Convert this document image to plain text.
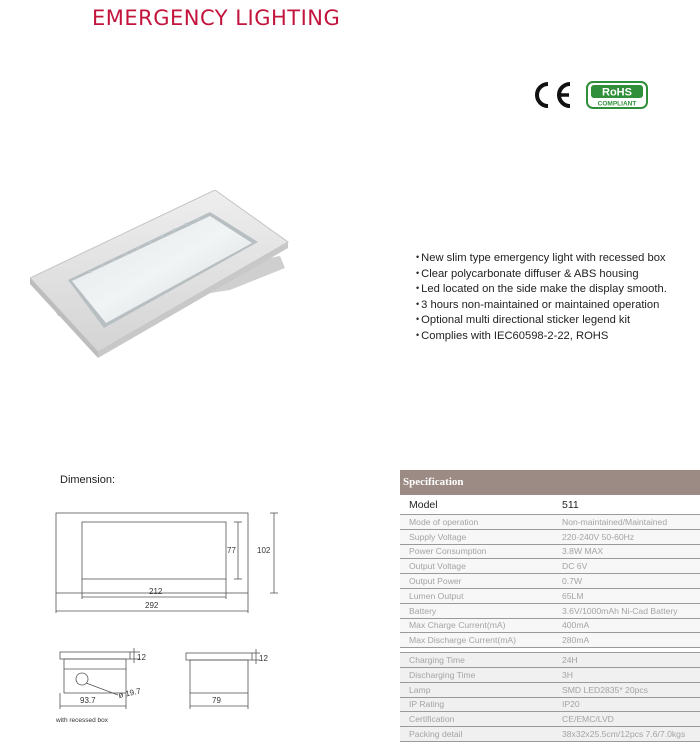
EMERGENCY LIGHTING
RoHS
COMPLIANT
• New slim type emergency light with recessed box
• Clear polycarbonate diffuser & ABS housing
• Led located on the side make the display smooth.
• 3 hours non-maintained or maintained operation
• Optional multi directional sticker legend kit
• Complies with IEC60598-2-22, ROHS
Dimension:
77	102
212
292
12
93.7
ø 19.7
12
79
with recessed box
Specification
Model	511
Mode of operation	Non-maintained/Maintained
Supply Voltage	220-240V 50-60Hz
Power Consumption	3.8W MAX
Output Voltage	DC 6V
Output Power	0.7W
Lumen Output	65LM
Battery	3.6V/1000mAh Ni-Cad Battery
Max Charge Current(mA)	400mA
Max Discharge Current(mA)	280mA

Charging Time	24H
Discharging Time	3H
Lamp	SMD LED2835* 20pcs
IP Rating	IP20
Certification	CE/EMC/LVD
Packing detail	38x32x25.5cm/12pcs 7.6/7.0kgs
